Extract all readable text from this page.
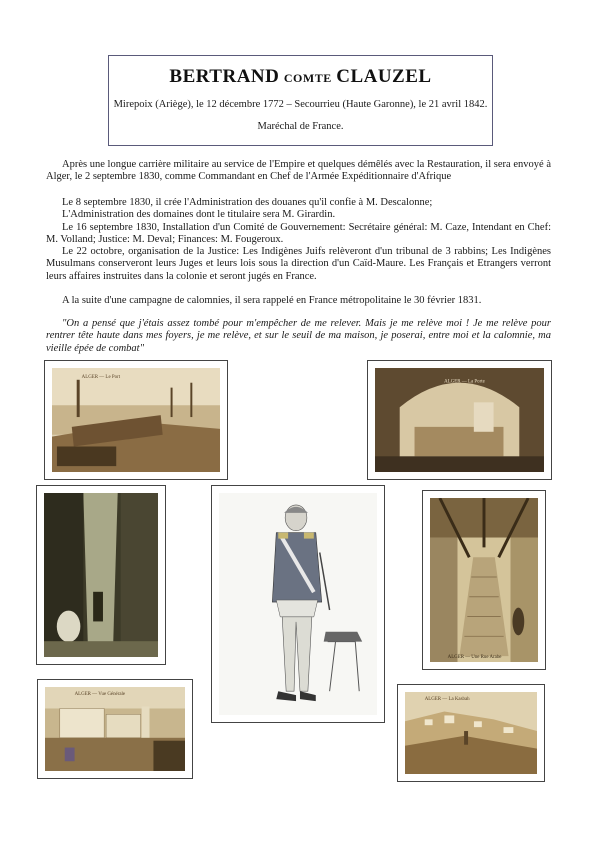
BERTRAND COMTE CLAUZEL
Mirepoix (Ariège), le 12 décembre 1772 – Secourrieu (Haute Garonne), le 21 avril 1842.
Maréchal de France.

Après une longue carrière militaire au service de l'Empire et quelques démêlés avec la Restauration, il sera envoyé à Alger, le 2 septembre 1830, comme Commandant en Chef de l'Armée Expéditionnaire d'Afrique

Le 8 septembre 1830, il crée l'Administration des douanes qu'il confie à M. Descalonne;
L'Administration des domaines dont le titulaire sera M. Girardin.
Le 16 septembre 1830, Installation d'un Comité de Gouvernement: Secrétaire général: M. Caze, Intendant en Chef: M. Volland; Justice: M. Deval; Finances: M. Fougeroux.
Le 22 octobre, organisation de la Justice: Les Indigènes Juifs relèveront d'un tribunal de 3 rabbins; Les Indigènes Musulmans conserveront leurs Juges et leurs lois sous la direction d'un Caïd-Maure. Les Français et Etrangers verront leurs affaires instruites dans la colonie et seront jugés en France.

A la suite d'une campagne de calomnies, il sera rappelé en France métropolitaine le 30 février 1831.

"On a pensé que j'étais assez tombé pour m'empêcher de me relever. Mais je me relève moi ! Je me relève pour rentrer tête haute dans mes foyers, je me relève, et sur le seuil de ma maison, je poserai, entre moi et la calomnie, ma vieille épée de combat"

ALGER — Le Port
ALGER — La Porte
ALGER — Une Rue Arabe
ALGER — Vue Générale
ALGER — La Kasbah
